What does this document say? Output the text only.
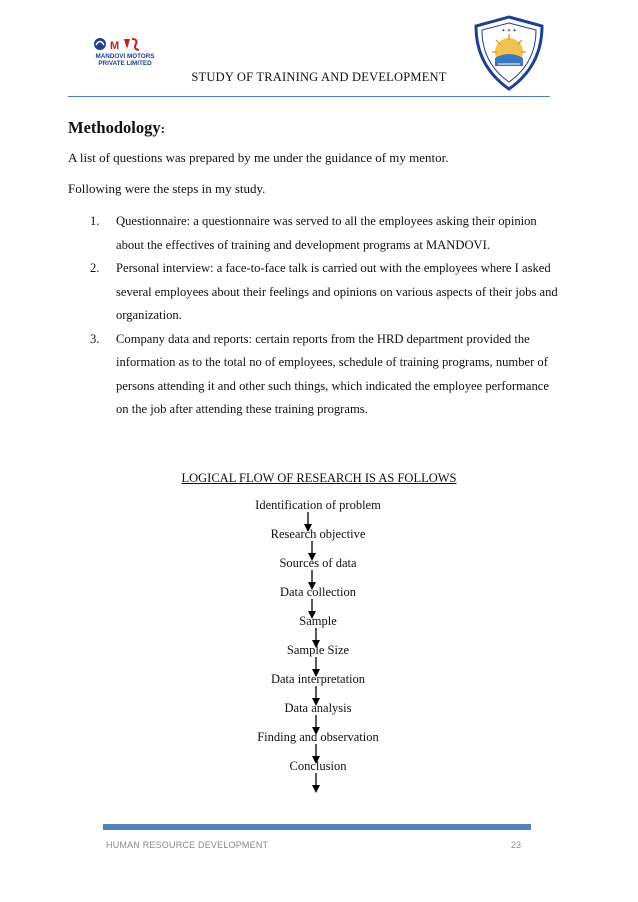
M
MANDOVI MOTORS
PRIVATE LIMITED
✦ ✦ ✦
STUDY OF TRAINING AND DEVELOPMENT
Methodology:
A list of questions was prepared by me under the guidance of my mentor.
Following were the steps in my study.
1. Questionnaire: a questionnaire was served to all the employees asking their opinion
about the effectives of training and development programs at MANDOVI.
2. Personal interview: a face-to-face talk is carried out with the employees where I asked
several employees about their feelings and opinions on various aspects of their jobs and
organization.
3. Company data and reports: certain reports from the HRD department provided the
information as to the total no of employees, schedule of training programs, number of
persons attending it and other such things, which indicated the employee performance
on the job after attending these training programs.
LOGICAL FLOW OF RESEARCH IS AS FOLLOWS
Identification of problem
Research objective
Sources of data
Data collection
Sample
Sample Size
Data interpretation
Data analysis
Finding and observation
Conclusion
HUMAN RESOURCE DEVELOPMENT	23
